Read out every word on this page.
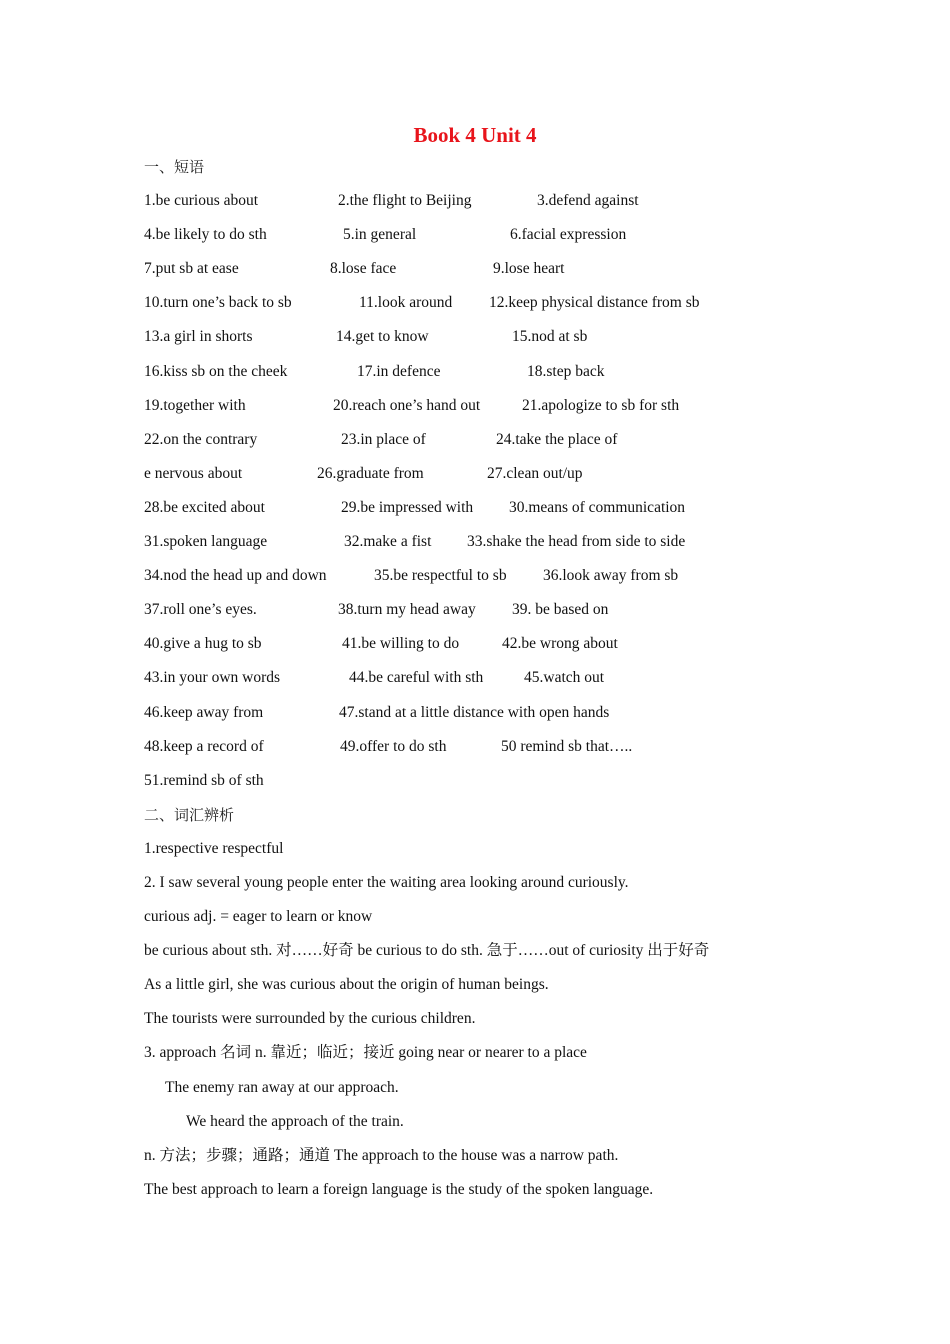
Book 4 Unit 4
一、短语
1.be curious about	2.the flight to Beijing	3.defend against
4.be likely to do sth	5.in general	6.facial expression
7.put sb at ease	8.lose face	9.lose heart
10.turn one’s back to sb	11.look around 12.keep physical distance from sb
13.a girl in shorts	14.get to know	15.nod at sb
16.kiss sb on the cheek	17.in defence	18.step back
19.together with	20.reach one’s hand out	21.apologize to sb for sth
22.on the contrary	23.in place of	24.take the place of
e nervous about	26.graduate from	27.clean out/up
28.be excited about	29.be impressed with 30.means of communication
31.spoken language	32.make a fist 33.shake the head from side to side
34.nod the head up and down	35.be respectful to sb 36.look away from sb
37.roll one’s eyes.	38.turn my head away 39. be based on
40.give a hug to sb	41.be willing to do	42.be wrong about
43.in your own words	44.be careful with sth	45.watch out
46.keep away from	47.stand at a little distance with open hands
48.keep a record of	49.offer to do sth	50 remind sb that…..
51.remind sb of sth
二、词汇辨析
1.respective respectful
2. I saw several young people enter the waiting area looking around curiously.
curious adj. = eager to learn or know
be curious about sth. 对……好奇 be curious to do sth. 急于……out of curiosity 出于好奇
As a little girl, she was curious about the origin of human beings.
The tourists were surrounded by the curious children.
3. approach 名词 n. 靠近；临近；接近 going near or nearer to a place
The enemy ran away at our approach.
We heard the approach of the train.
n. 方法；步骤；通路；通道 The approach to the house was a narrow path.
The best approach to learn a foreign language is the study of the spoken language.
